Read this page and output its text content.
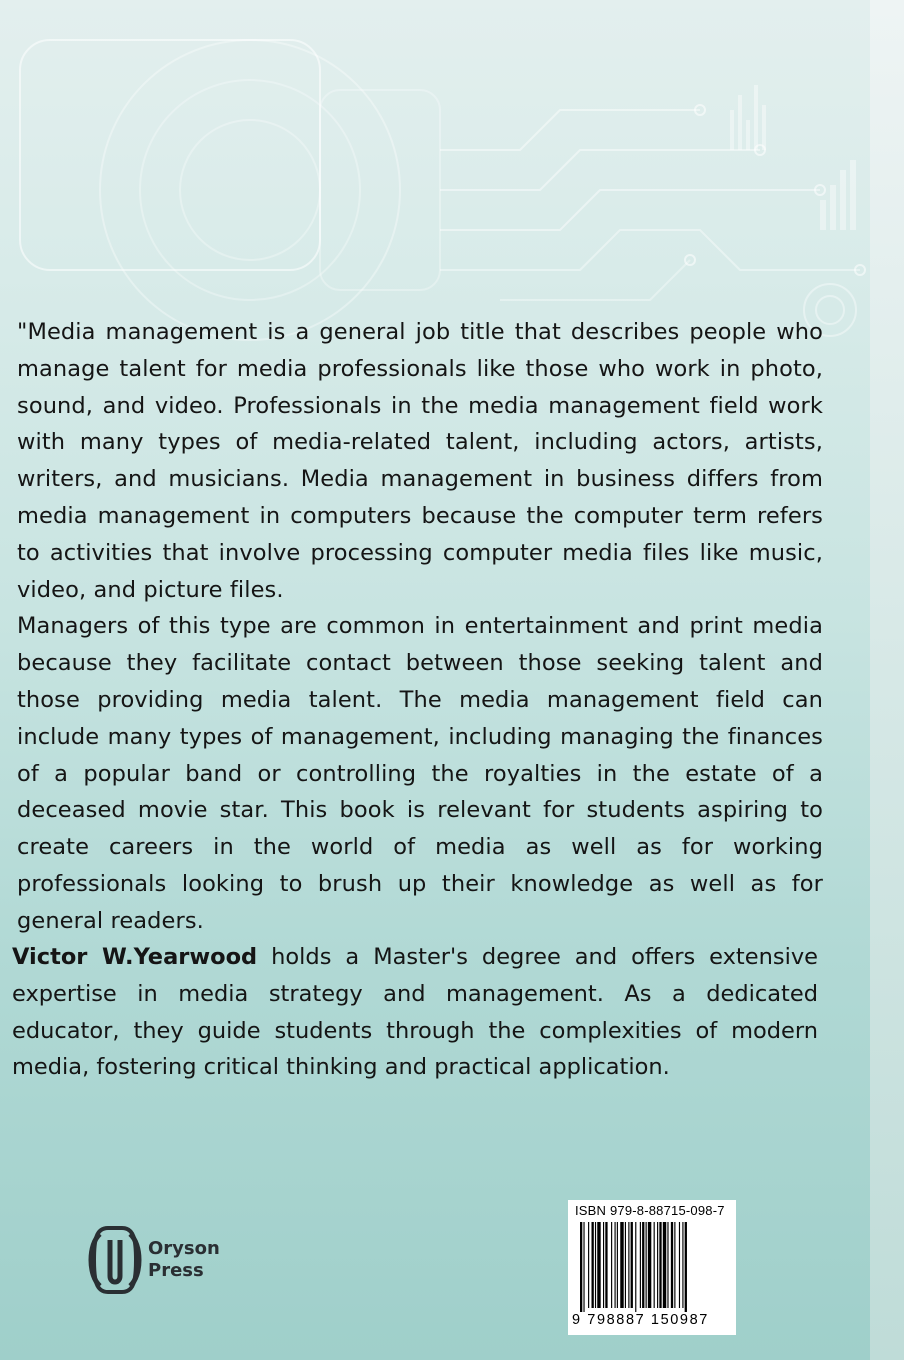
"Media management is a general job title that describes people who manage talent for media professionals like those who work in photo, sound, and video. Professionals in the media management field work with many types of media-related talent, including actors, artists, writers, and musicians. Media management in business differs from media management in computers because the computer term refers to activities that involve processing computer media files like music, video, and picture files.

Managers of this type are common in entertainment and print media because they facilitate contact between those seeking talent and those providing media talent. The media management field can include many types of management, including managing the finances of a popular band or controlling the royalties in the estate of a deceased movie star. This book is relevant for students aspiring to create careers in the world of media as well as for working professionals looking to brush up their knowledge as well as for general readers.

Victor W.Yearwood holds a Master's degree and offers extensive expertise in media strategy and management. As a dedicated educator, they guide students through the complexities of modern media, fostering critical thinking and practical application.

Oryson
Press
ISBN 979-8-88715-098-7
9 798887 150987
